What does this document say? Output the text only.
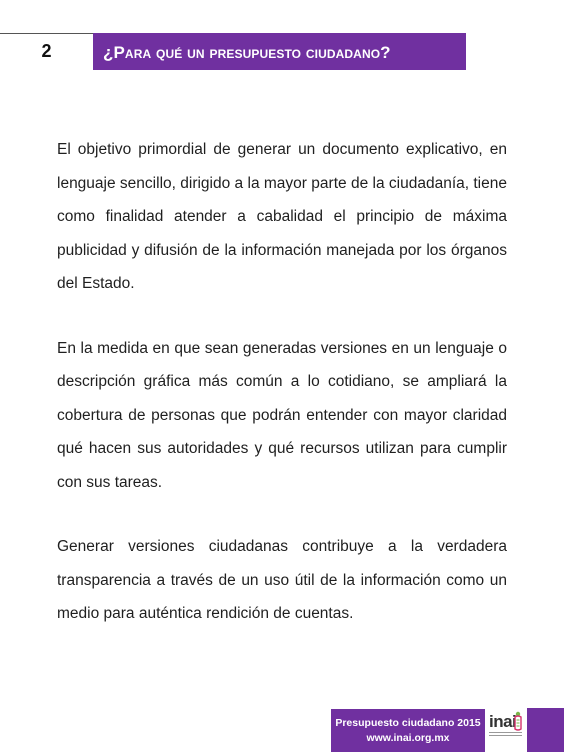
2	¿Para qué un presupuesto ciudadano?

El objetivo primordial de generar un documento explicativo, en lenguaje sencillo, dirigido a la mayor parte de la ciudadanía, tiene como finalidad atender a cabalidad el principio de máxima publicidad y difusión de la información manejada por los órganos del Estado.

En la medida en que sean generadas versiones en un lenguaje o descripción gráfica más común a lo cotidiano, se ampliará la cobertura de personas que podrán entender con mayor claridad qué hacen sus autoridades y qué recursos utilizan para cumplir con sus tareas.

Generar versiones ciudadanas contribuye a la verdadera transparencia a través de un uso útil de la información como un medio para auténtica rendición de cuentas.

Presupuesto ciudadano 2015
www.inai.org.mx
inai
